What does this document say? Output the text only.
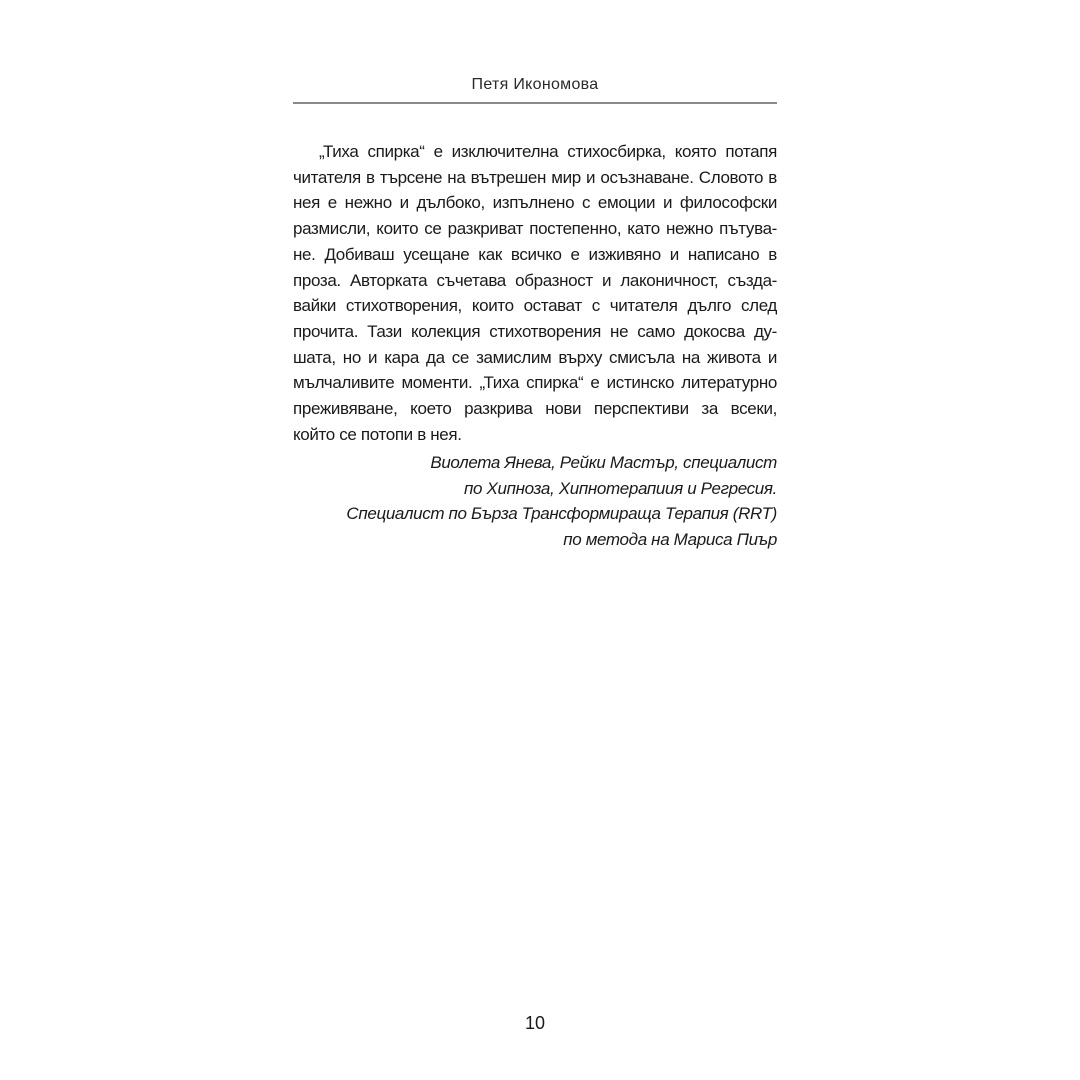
Петя Икономова
„Тиха спирка“ е изключителна стихосбирка, която потапя
читателя в търсене на вътрешен мир и осъзнаване. Словото в
нея е нежно и дълбоко, изпълнено с емоции и философски
размисли, които се разкриват постепенно, като нежно пътува-
не. Добиваш усещане как всичко е изживяно и написано в
проза. Авторката съчетава образност и лаконичност, създа-
вайки стихотворения, които остават с читателя дълго след
прочита. Тази колекция стихотворения не само докосва ду-
шата, но и кара да се замислим върху смисъла на живота и
мълчаливите моменти. „Тиха спирка“ е истинско литературно
преживяване, което разкрива нови перспективи за всеки,
който се потопи в нея.
Виолета Янева, Рейки Мастър, специалист
по Хипноза, Хипнотерапиия и Регресия.
Специалист по Бърза Трансформираща Терапия (RRT)
по метода на Мариса Пиър
10
